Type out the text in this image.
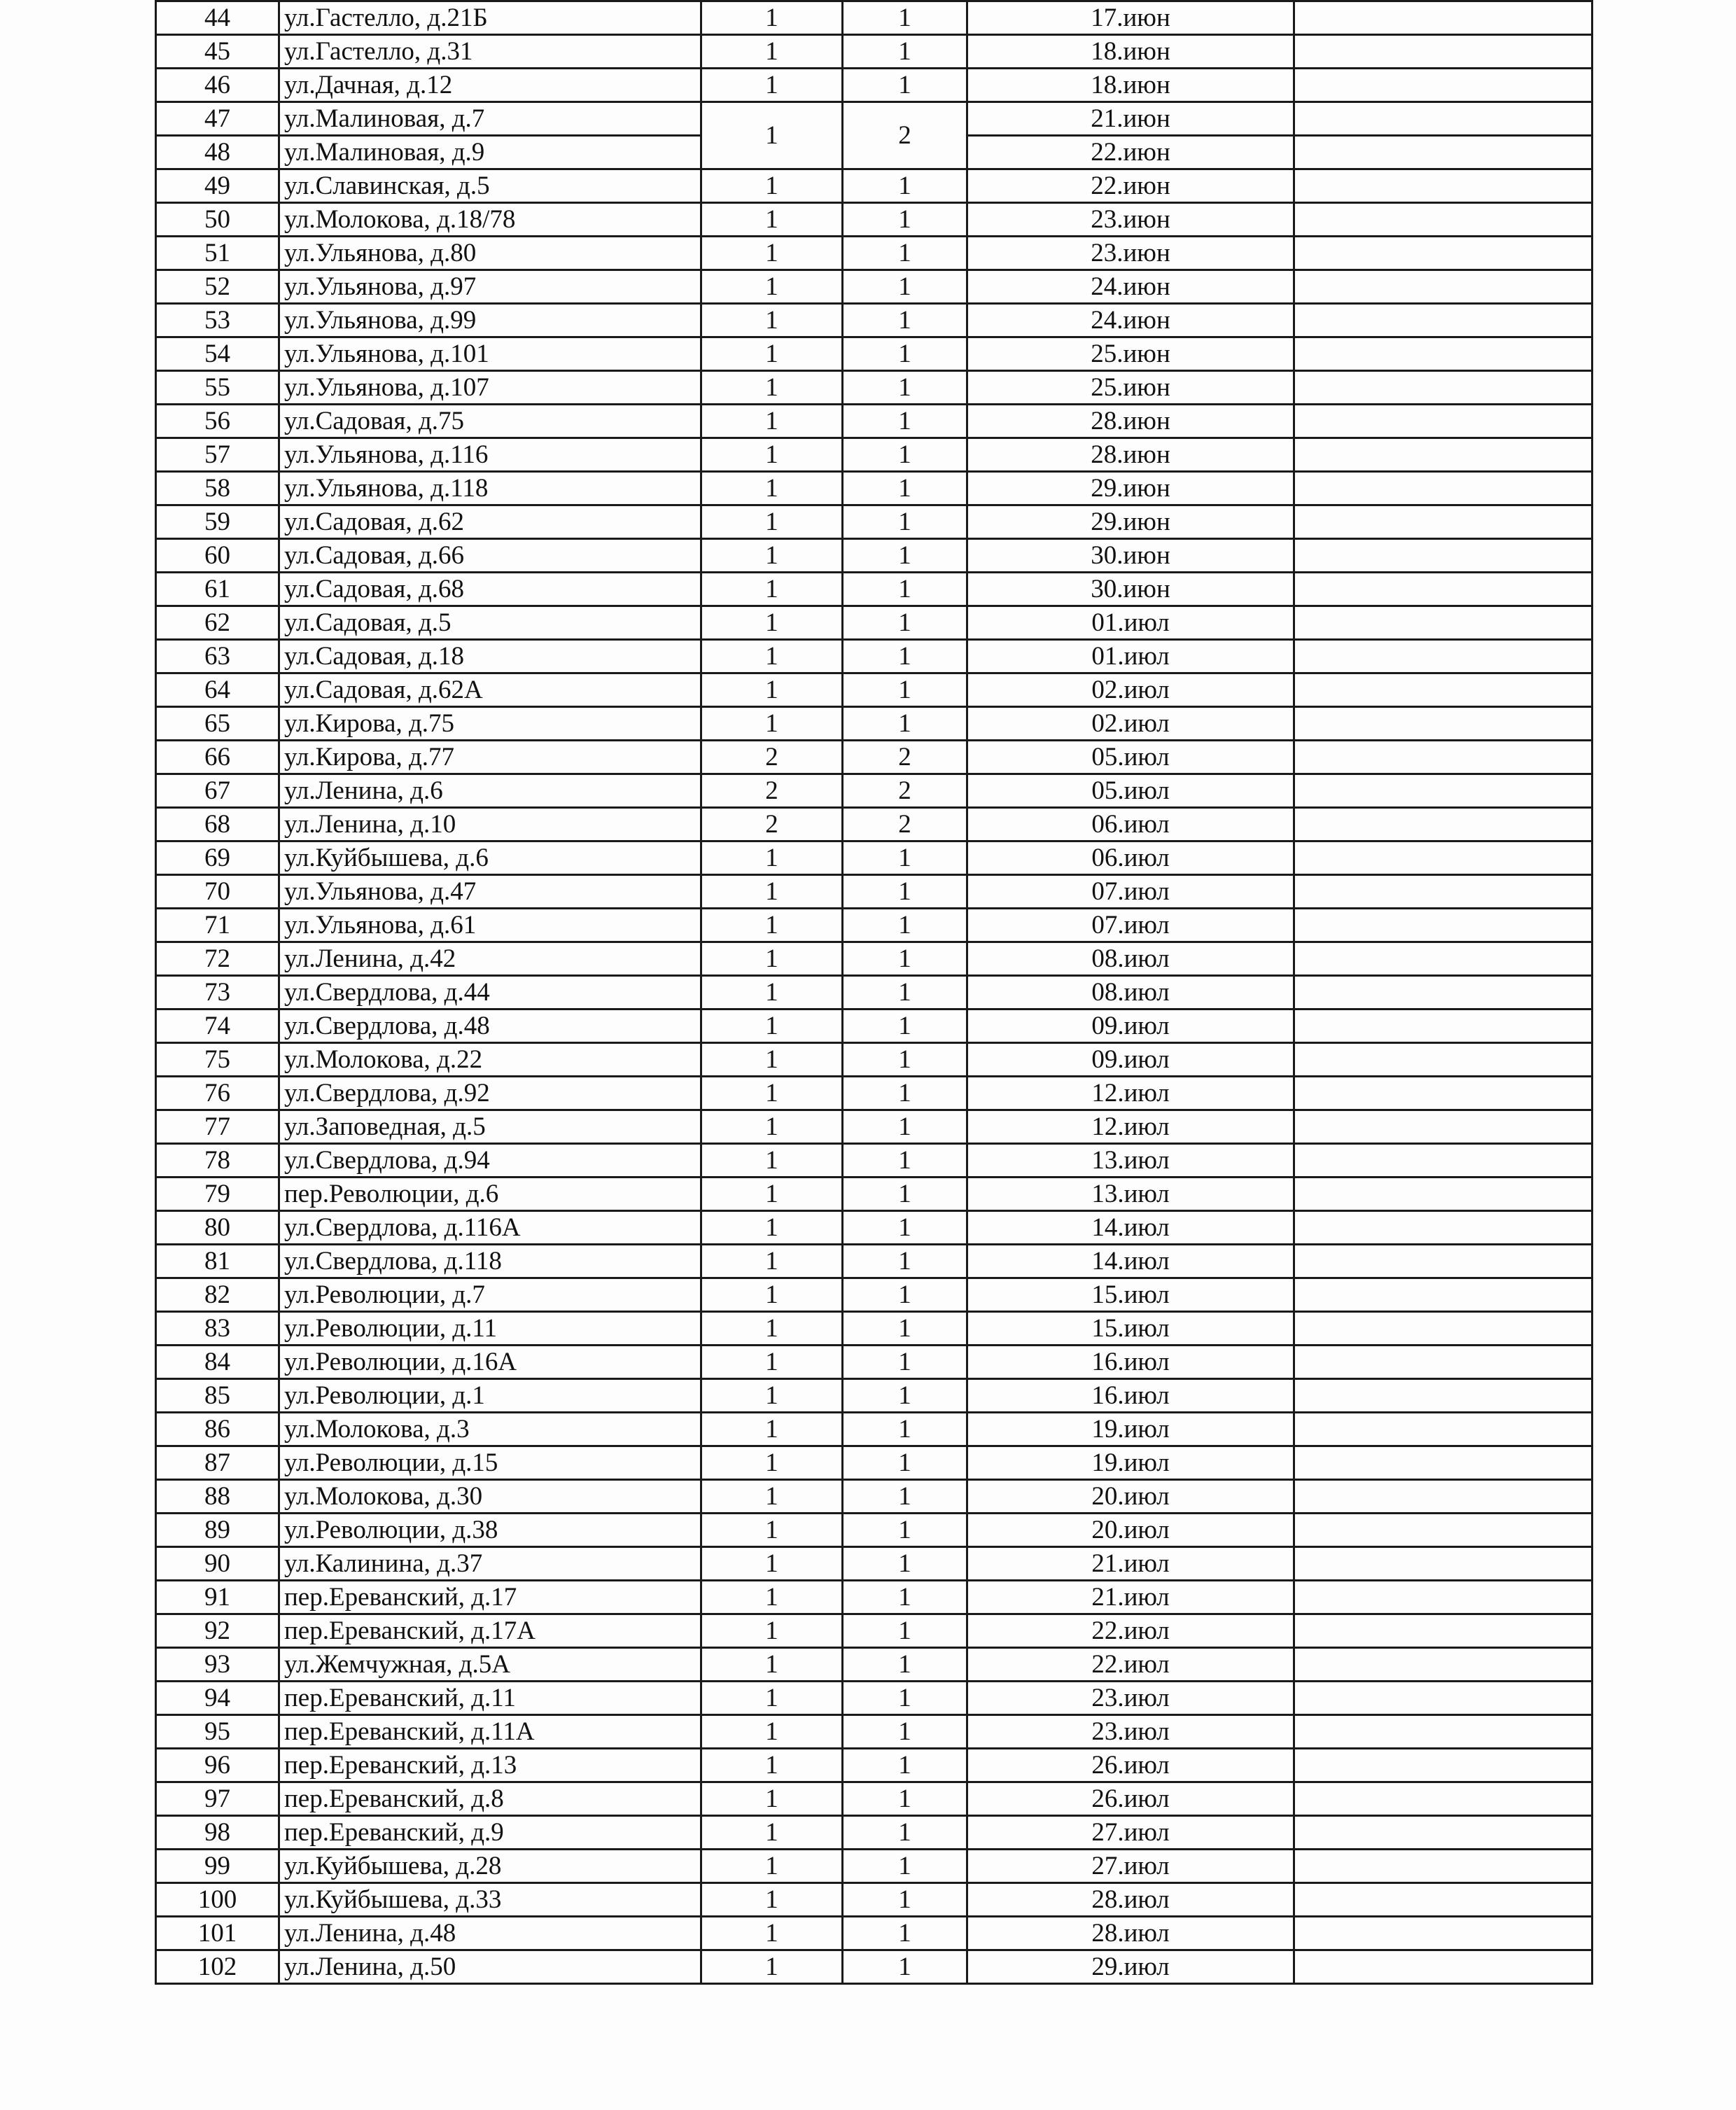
44	ул.Гастелло, д.21Б	1	1	17.июн	
45	ул.Гастелло, д.31	1	1	18.июн	
46	ул.Дачная, д.12	1	1	18.июн	
47	ул.Малиновая, д.7	1	2	21.июн	
48	ул.Малиновая, д.9			22.июн	
49	ул.Славинская, д.5	1	1	22.июн	
50	ул.Молокова, д.18/78	1	1	23.июн	
51	ул.Ульянова, д.80	1	1	23.июн	
52	ул.Ульянова, д.97	1	1	24.июн	
53	ул.Ульянова, д.99	1	1	24.июн	
54	ул.Ульянова, д.101	1	1	25.июн	
55	ул.Ульянова, д.107	1	1	25.июн	
56	ул.Садовая, д.75	1	1	28.июн	
57	ул.Ульянова, д.116	1	1	28.июн	
58	ул.Ульянова, д.118	1	1	29.июн	
59	ул.Садовая, д.62	1	1	29.июн	
60	ул.Садовая, д.66	1	1	30.июн	
61	ул.Садовая, д.68	1	1	30.июн	
62	ул.Садовая, д.5	1	1	01.июл	
63	ул.Садовая, д.18	1	1	01.июл	
64	ул.Садовая, д.62А	1	1	02.июл	
65	ул.Кирова, д.75	1	1	02.июл	
66	ул.Кирова, д.77	2	2	05.июл	
67	ул.Ленина, д.6	2	2	05.июл	
68	ул.Ленина, д.10	2	2	06.июл	
69	ул.Куйбышева, д.6	1	1	06.июл	
70	ул.Ульянова, д.47	1	1	07.июл	
71	ул.Ульянова, д.61	1	1	07.июл	
72	ул.Ленина, д.42	1	1	08.июл	
73	ул.Свердлова, д.44	1	1	08.июл	
74	ул.Свердлова, д.48	1	1	09.июл	
75	ул.Молокова, д.22	1	1	09.июл	
76	ул.Свердлова, д.92	1	1	12.июл	
77	ул.Заповедная, д.5	1	1	12.июл	
78	ул.Свердлова, д.94	1	1	13.июл	
79	пер.Революции, д.6	1	1	13.июл	
80	ул.Свердлова, д.116А	1	1	14.июл	
81	ул.Свердлова, д.118	1	1	14.июл	
82	ул.Революции, д.7	1	1	15.июл	
83	ул.Революции, д.11	1	1	15.июл	
84	ул.Революции, д.16А	1	1	16.июл	
85	ул.Революции, д.1	1	1	16.июл	
86	ул.Молокова, д.3	1	1	19.июл	
87	ул.Революции, д.15	1	1	19.июл	
88	ул.Молокова, д.30	1	1	20.июл	
89	ул.Революции, д.38	1	1	20.июл	
90	ул.Калинина, д.37	1	1	21.июл	
91	пер.Ереванский, д.17	1	1	21.июл	
92	пер.Ереванский, д.17А	1	1	22.июл	
93	ул.Жемчужная, д.5А	1	1	22.июл	
94	пер.Ереванский, д.11	1	1	23.июл	
95	пер.Ереванский, д.11А	1	1	23.июл	
96	пер.Ереванский, д.13	1	1	26.июл	
97	пер.Ереванский, д.8	1	1	26.июл	
98	пер.Ереванский, д.9	1	1	27.июл	
99	ул.Куйбышева, д.28	1	1	27.июл	
100	ул.Куйбышева, д.33	1	1	28.июл	
101	ул.Ленина, д.48	1	1	28.июл	
102	ул.Ленина, д.50	1	1	29.июл	
